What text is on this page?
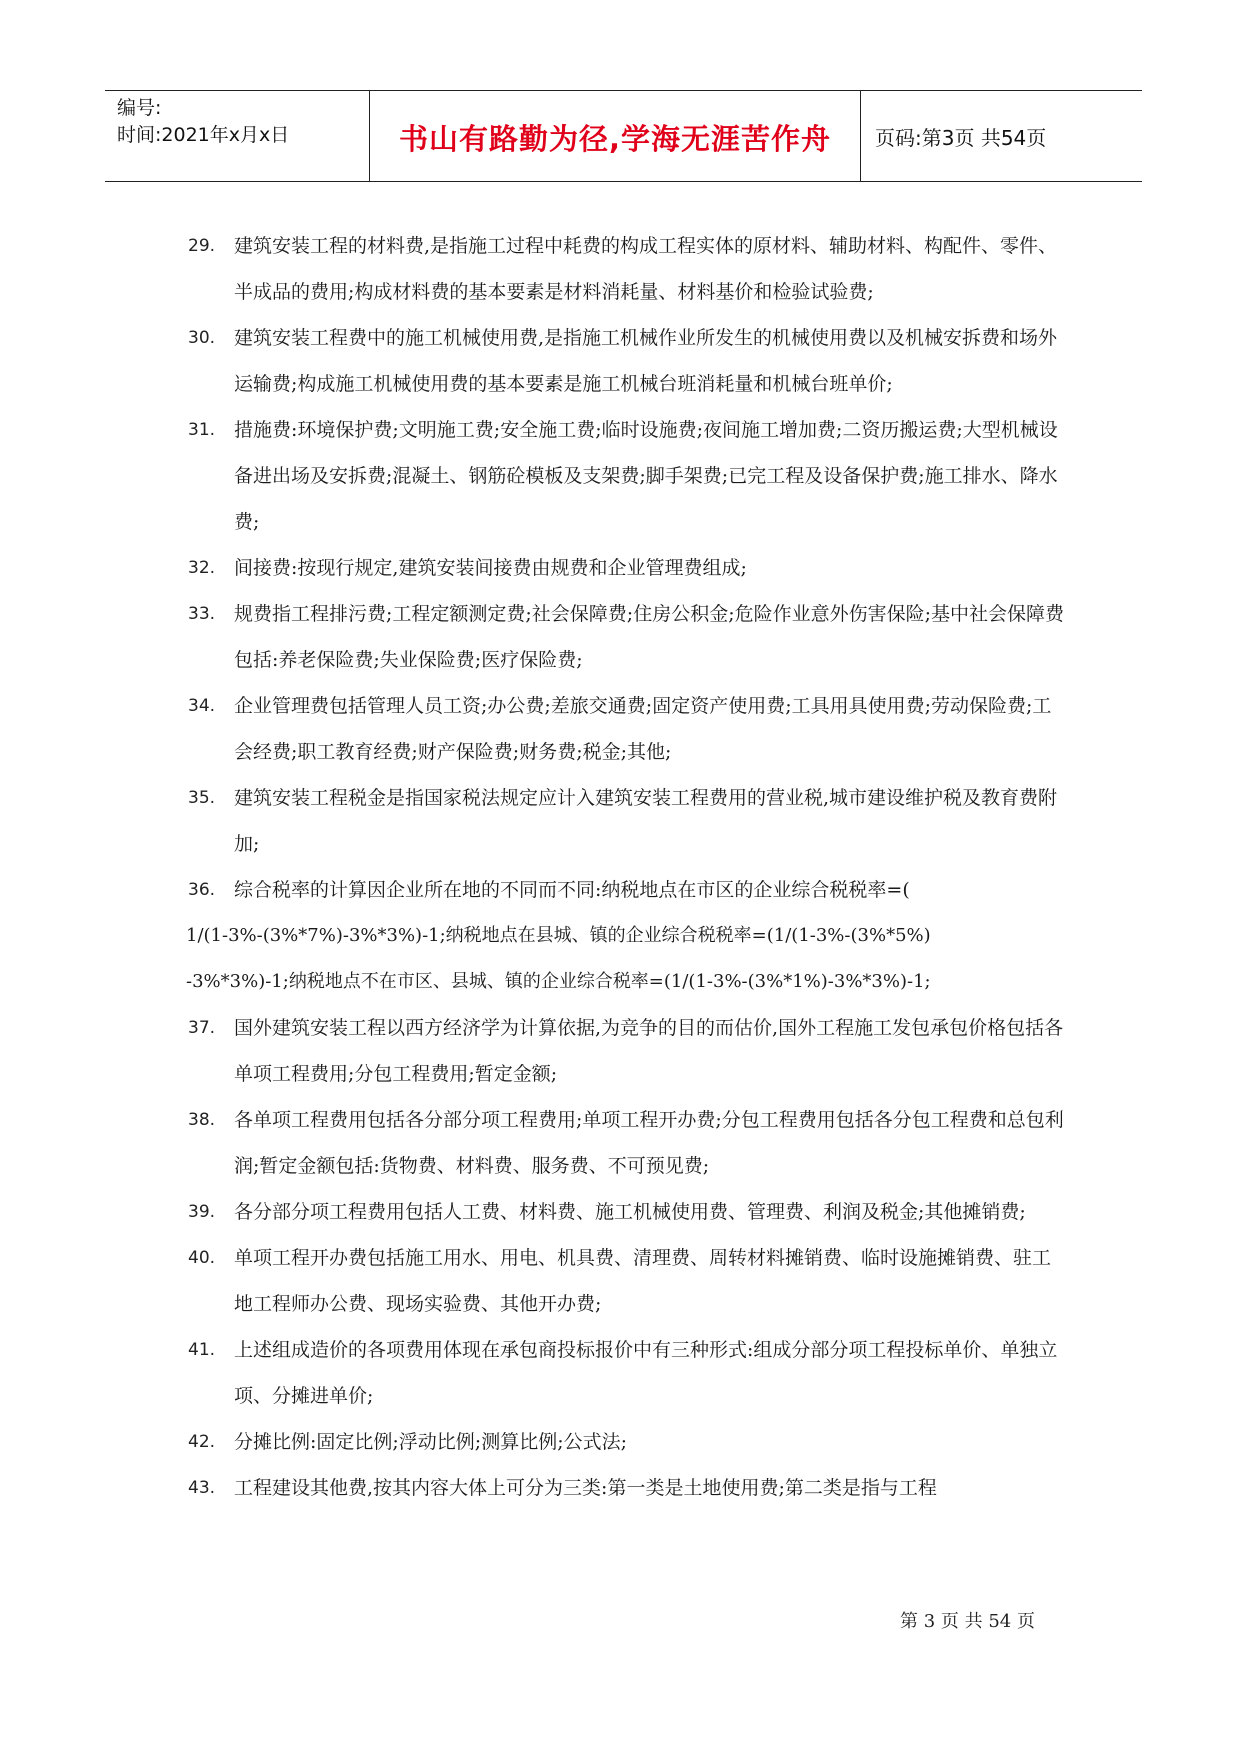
编号:
时间:2021年x月x日	书山有路勤为径,学海无涯苦作舟	页码:第3页 共54页
29. 建筑安装工程的材料费,是指施工过程中耗费的构成工程实体的原材料、辅助材料、构配件、零件、半成品的费用;构成材料费的基本要素是材料消耗量、材料基价和检验试验费;
30. 建筑安装工程费中的施工机械使用费,是指施工机械作业所发生的机械使用费以及机械安拆费和场外运输费;构成施工机械使用费的基本要素是施工机械台班消耗量和机械台班单价;
31. 措施费:环境保护费;文明施工费;安全施工费;临时设施费;夜间施工增加费;二资历搬运费;大型机械设备进出场及安拆费;混凝土、钢筋砼模板及支架费;脚手架费;已完工程及设备保护费;施工排水、降水费;
32. 间接费:按现行规定,建筑安装间接费由规费和企业管理费组成;
33. 规费指工程排污费;工程定额测定费;社会保障费;住房公积金;危险作业意外伤害保险;基中社会保障费包括:养老保险费;失业保险费;医疗保险费;
34. 企业管理费包括管理人员工资;办公费;差旅交通费;固定资产使用费;工具用具使用费;劳动保险费;工会经费;职工教育经费;财产保险费;财务费;税金;其他;
35. 建筑安装工程税金是指国家税法规定应计入建筑安装工程费用的营业税,城市建设维护税及教育费附加;
36. 综合税率的计算因企业所在地的不同而不同:纳税地点在市区的企业综合税税率=(
1/(1-3%-(3%*7%)-3%*3%)-1;纳税地点在县城、镇的企业综合税税率=(1/(1-3%-(3%*5%)
-3%*3%)-1;纳税地点不在市区、县城、镇的企业综合税率=(1/(1-3%-(3%*1%)-3%*3%)-1;
37. 国外建筑安装工程以西方经济学为计算依据,为竞争的目的而估价,国外工程施工发包承包价格包括各单项工程费用;分包工程费用;暂定金额;
38. 各单项工程费用包括各分部分项工程费用;单项工程开办费;分包工程费用包括各分包工程费和总包利润;暂定金额包括:货物费、材料费、服务费、不可预见费;
39. 各分部分项工程费用包括人工费、材料费、施工机械使用费、管理费、利润及税金;其他摊销费;
40. 单项工程开办费包括施工用水、用电、机具费、清理费、周转材料摊销费、临时设施摊销费、驻工地工程师办公费、现场实验费、其他开办费;
41. 上述组成造价的各项费用体现在承包商投标报价中有三种形式:组成分部分项工程投标单价、单独立项、分摊进单价;
42. 分摊比例:固定比例;浮动比例;测算比例;公式法;
43. 工程建设其他费,按其内容大体上可分为三类:第一类是土地使用费;第二类是指与工程
第 3 页 共 54 页
